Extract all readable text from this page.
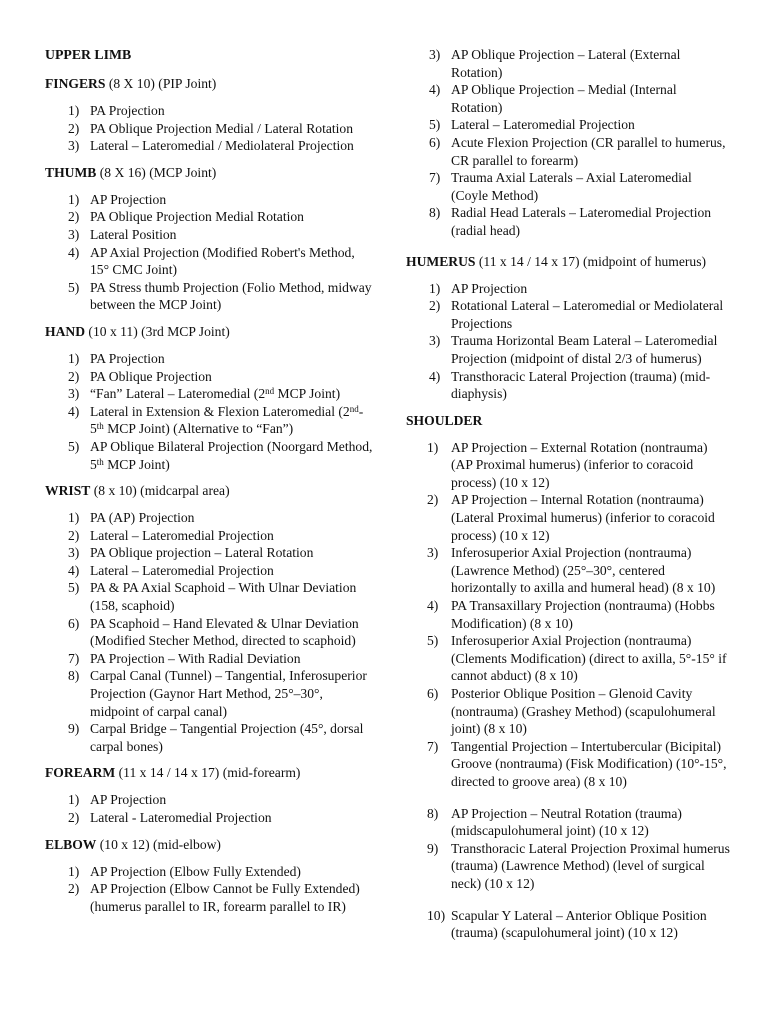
UPPER LIMB
FINGERS (8 X 10) (PIP Joint)
1) PA Projection
2) PA Oblique Projection Medial / Lateral Rotation
3) Lateral – Lateromedial / Mediolateral Projection
THUMB (8 X 16) (MCP Joint)
1) AP Projection
2) PA Oblique Projection Medial Rotation
3) Lateral Position
4) AP Axial Projection (Modified Robert's Method, 15° CMC Joint)
5) PA Stress thumb Projection (Folio Method, midway between the MCP Joint)
HAND (10 x 11) (3rd MCP Joint)
1) PA Projection
2) PA Oblique Projection
3) “Fan” Lateral – Lateromedial (2nd MCP Joint)
4) Lateral in Extension & Flexion Lateromedial (2nd-5th MCP Joint) (Alternative to “Fan”)
5) AP Oblique Bilateral Projection (Noorgard Method, 5th MCP Joint)
WRIST (8 x 10) (midcarpal area)
1) PA (AP) Projection
2) Lateral – Lateromedial Projection
3) PA Oblique projection – Lateral Rotation
4) Lateral – Lateromedial Projection
5) PA & PA Axial Scaphoid – With Ulnar Deviation (158, scaphoid)
6) PA Scaphoid – Hand Elevated & Ulnar Deviation (Modified Stecher Method, directed to scaphoid)
7) PA Projection – With Radial Deviation
8) Carpal Canal (Tunnel) – Tangential, Inferosuperior Projection (Gaynor Hart Method, 25°–30°, midpoint of carpal canal)
9) Carpal Bridge – Tangential Projection (45°, dorsal carpal bones)
FOREARM (11 x 14 / 14 x 17) (mid-forearm)
1) AP Projection
2) Lateral - Lateromedial Projection
ELBOW (10 x 12) (mid-elbow)
1) AP Projection (Elbow Fully Extended)
2) AP Projection (Elbow Cannot be Fully Extended) (humerus parallel to IR, forearm parallel to IR)
3) AP Oblique Projection – Lateral (External Rotation)
4) AP Oblique Projection – Medial (Internal Rotation)
5) Lateral – Lateromedial Projection
6) Acute Flexion Projection (CR parallel to humerus, CR parallel to forearm)
7) Trauma Axial Laterals – Axial Lateromedial (Coyle Method)
8) Radial Head Laterals – Lateromedial Projection (radial head)
HUMERUS (11 x 14 / 14 x 17) (midpoint of humerus)
1) AP Projection
2) Rotational Lateral – Lateromedial or Mediolateral Projections
3) Trauma Horizontal Beam Lateral – Lateromedial Projection (midpoint of distal 2/3 of humerus)
4) Transthoracic Lateral Projection (trauma) (mid-diaphysis)
SHOULDER
1) AP Projection – External Rotation (nontrauma) (AP Proximal humerus) (inferior to coracoid process) (10 x 12)
2) AP Projection – Internal Rotation (nontrauma) (Lateral Proximal humerus) (inferior to coracoid process) (10 x 12)
3) Inferosuperior Axial Projection (nontrauma) (Lawrence Method) (25°–30°, centered horizontally to axilla and humeral head) (8 x 10)
4) PA Transaxillary Projection (nontrauma) (Hobbs Modification) (8 x 10)
5) Inferosuperior Axial Projection (nontrauma) (Clements Modification) (direct to axilla, 5°-15° if cannot abduct) (8 x 10)
6) Posterior Oblique Position – Glenoid Cavity (nontrauma) (Grashey Method) (scapulohumeral joint) (8 x 10)
7) Tangential Projection – Intertubercular (Bicipital) Groove (nontrauma) (Fisk Modification) (10°-15°, directed to groove area) (8 x 10)
8) AP Projection – Neutral Rotation (trauma) (midscapulohumeral joint) (10 x 12)
9) Transthoracic Lateral Projection Proximal humerus (trauma) (Lawrence Method) (level of surgical neck) (10 x 12)
10) Scapular Y Lateral – Anterior Oblique Position (trauma) (scapulohumeral joint) (10 x 12)
